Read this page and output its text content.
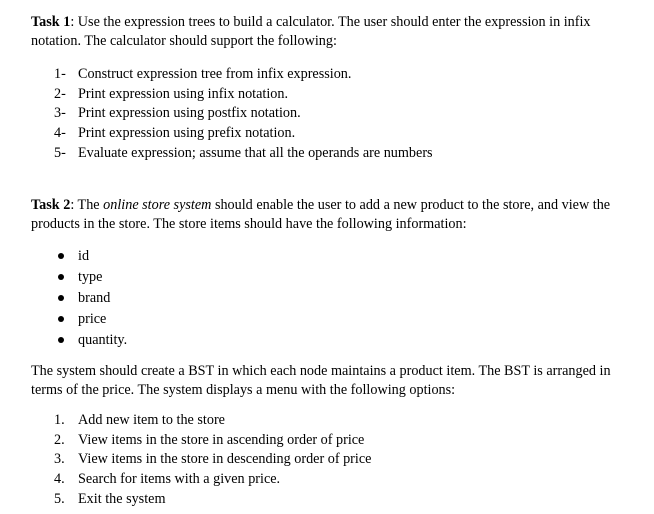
Task 1: Use the expression trees to build a calculator. The user should enter the expression in infix notation. The calculator should support the following:

1- Construct expression tree from infix expression.
2- Print expression using infix notation.
3- Print expression using postfix notation.
4- Print expression using prefix notation.
5- Evaluate expression; assume that all the operands are numbers

Task 2: The online store system should enable the user to add a new product to the store, and view the products in the store. The store items should have the following information:

id
type
brand
price
quantity.

The system should create a BST in which each node maintains a product item. The BST is arranged in terms of the price. The system displays a menu with the following options:

1. Add new item to the store
2. View items in the store in ascending order of price
3. View items in the store in descending order of price
4. Search for items with a given price.
5. Exit the system
